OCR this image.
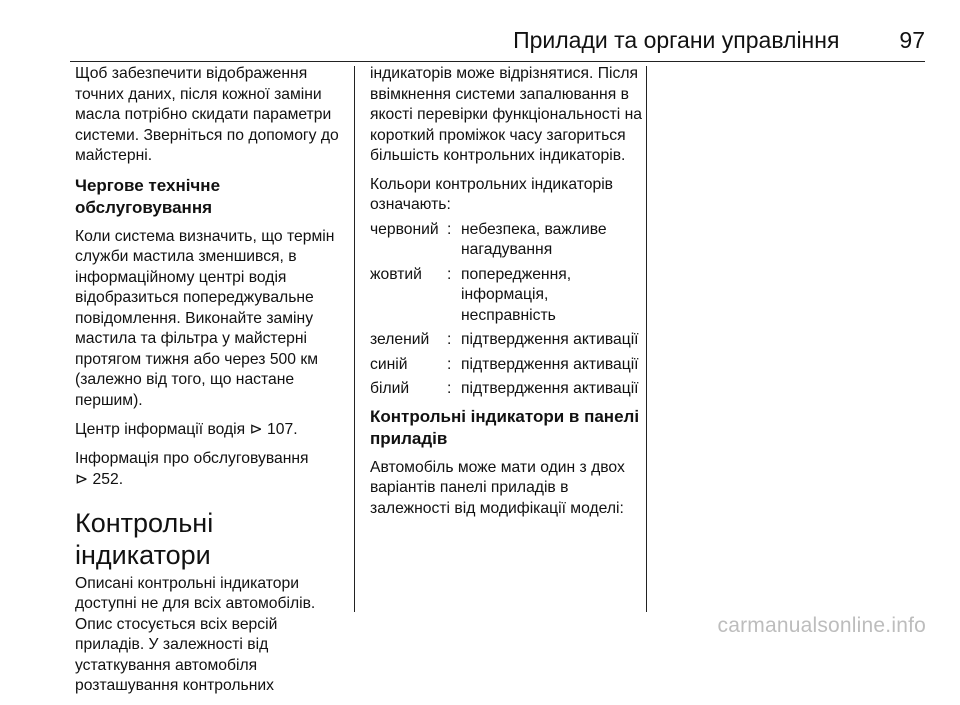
Прилади та органи управління	97

Щоб забезпечити відображення точних даних, після кожної заміни масла потрібно скидати параметри системи. Зверніться по допомогу до майстерні.

Чергове технічне обслуговування

Коли система визначить, що термін служби мастила зменшився, в інформаційному центрі водія відобразиться попереджувальне повідомлення. Виконайте заміну мастила та фільтра у майстерні протягом тижня або через 500 км (залежно від того, що настане першим).

Центр інформації водія ⊳ 107.

Інформація про обслуговування
⊳ 252.

Контрольні індикатори

Описані контрольні індикатори доступні не для всіх автомобілів. Опис стосується всіх версій приладів. У залежності від устаткування автомобіля розташування контрольних

індикаторів може відрізнятися. Після ввімкнення системи запалювання в якості перевірки функціональності на короткий проміжок часу загориться більшість контрольних індикаторів.

Кольори контрольних індикаторів означають:

червоний : небезпека, важливе нагадування
жовтий	: попередження, інформація, несправність
зелений	: підтвердження активації
синій	: підтвердження активації
білий	: підтвердження активації
Контрольні індикатори в панелі приладів

Автомобіль може мати один з двох варіантів панелі приладів в залежності від модифікації моделі:

carmanualsonline.info
